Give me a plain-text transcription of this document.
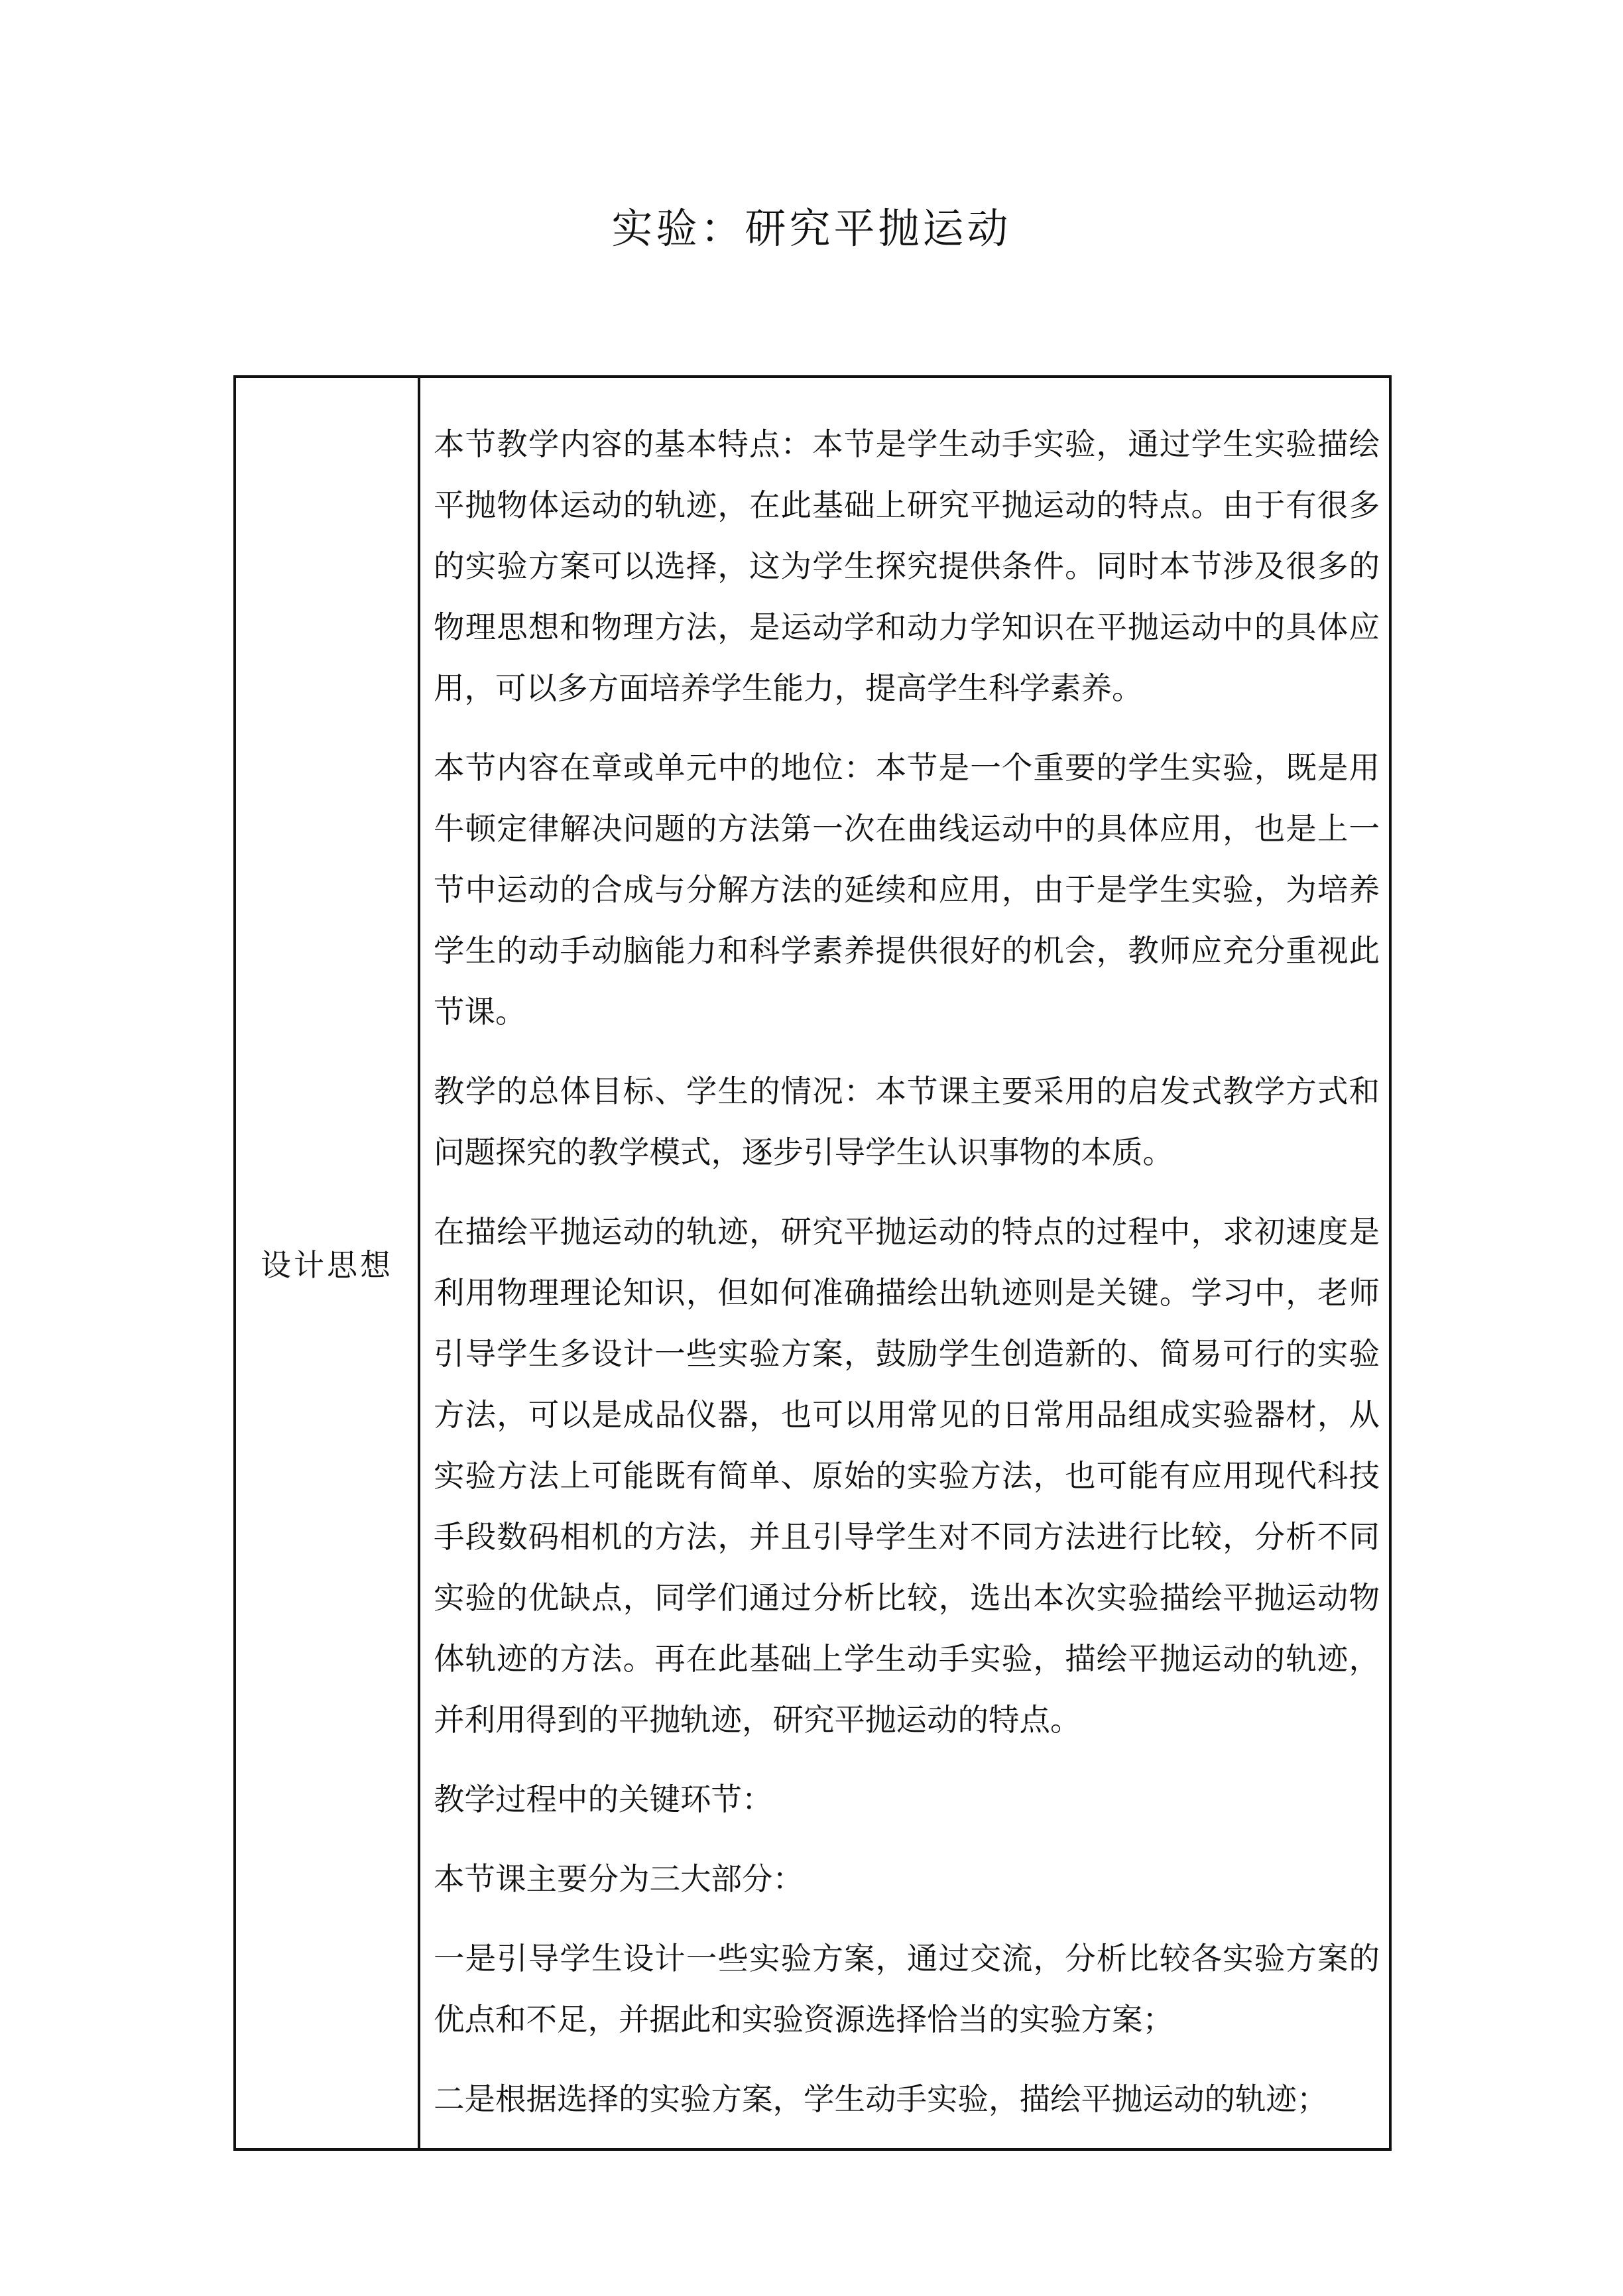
实验：研究平抛运动
设计思想	

本节教学内容的基本特点：本节是学生动手实验，通过学生实验描绘平抛物体运动的轨迹，在此基础上研究平抛运动的特点。由于有很多的实验方案可以选择，这为学生探究提供条件。同时本节涉及很多的物理思想和物理方法，是运动学和动力学知识在平抛运动中的具体应用，可以多方面培养学生能力，提高学生科学素养。

本节内容在章或单元中的地位：本节是一个重要的学生实验，既是用牛顿定律解决问题的方法第一次在曲线运动中的具体应用，也是上一节中运动的合成与分解方法的延续和应用，由于是学生实验，为培养学生的动手动脑能力和科学素养提供很好的机会，教师应充分重视此节课。

教学的总体目标、学生的情况：本节课主要采用的启发式教学方式和问题探究的教学模式，逐步引导学生认识事物的本质。

在描绘平抛运动的轨迹，研究平抛运动的特点的过程中，求初速度是利用物理理论知识，但如何准确描绘出轨迹则是关键。学习中，老师引导学生多设计一些实验方案，鼓励学生创造新的、简易可行的实验方法，可以是成品仪器，也可以用常见的日常用品组成实验器材，从实验方法上可能既有简单、原始的实验方法，也可能有应用现代科技手段数码相机的方法，并且引导学生对不同方法进行比较，分析不同实验的优缺点，同学们通过分析比较，选出本次实验描绘平抛运动物体轨迹的方法。再在此基础上学生动手实验，描绘平抛运动的轨迹，并利用得到的平抛轨迹，研究平抛运动的特点。

教学过程中的关键环节：

本节课主要分为三大部分：

一是引导学生设计一些实验方案，通过交流，分析比较各实验方案的优点和不足，并据此和实验资源选择恰当的实验方案；

二是根据选择的实验方案，学生动手实验，描绘平抛运动的轨迹；
